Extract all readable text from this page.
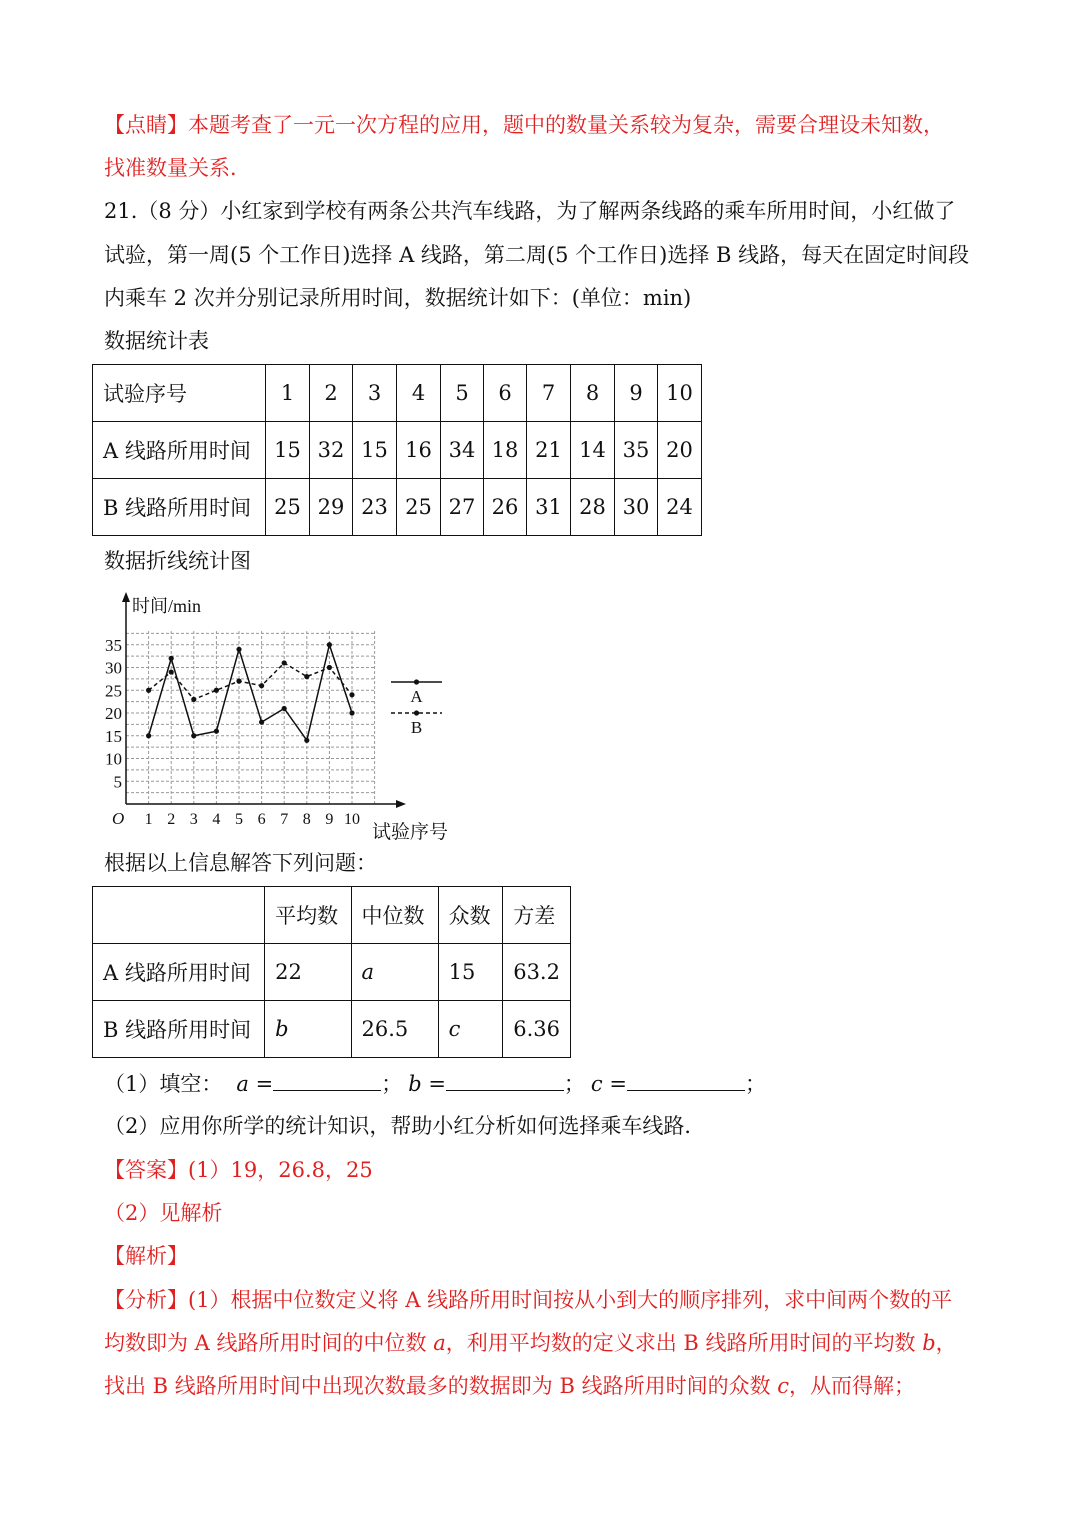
【点睛】本题考查了一元一次方程的应用，题中的数量关系较为复杂，需要合理设未知数，
找准数量关系．
21.（8 分）小红家到学校有两条公共汽车线路，为了解两条线路的乘车所用时间，小红做了
试验，第一周(5 个工作日)选择 A 线路，第二周(5 个工作日)选择 B 线路，每天在固定时间段
内乘车 2 次并分别记录所用时间，数据统计如下：(单位：min)
数据统计表
试验序号	1	2	3	4	5	6	7	8	9	10
A 线路所用时间	15	32	15	16	34	18	21	14	35	20
B 线路所用时间	25	29	23	25	27	26	31	28	30	24
数据折线统计图
时间/min
试验序号
O 1 2 3 4 5 6 7 8 9 10
5
10
15
20
25
30
35
A
B
根据以上信息解答下列问题：
	平均数	中位数	众数	方差
A 线路所用时间	22	a	15	63.2
B 线路所用时间	b	26.5	c	6.36
（1）填空： a =	； b =	； c =	；
（2）应用你所学的统计知识，帮助小红分析如何选择乘车线路．
【答案】(1）19，26.8，25
（2）见解析
【解析】
【分析】(1）根据中位数定义将 A 线路所用时间按从小到大的顺序排列，求中间两个数的平
均数即为 A 线路所用时间的中位数 a，利用平均数的定义求出 B 线路所用时间的平均数 b，
找出 B 线路所用时间中出现次数最多的数据即为 B 线路所用时间的众数 c，从而得解；
